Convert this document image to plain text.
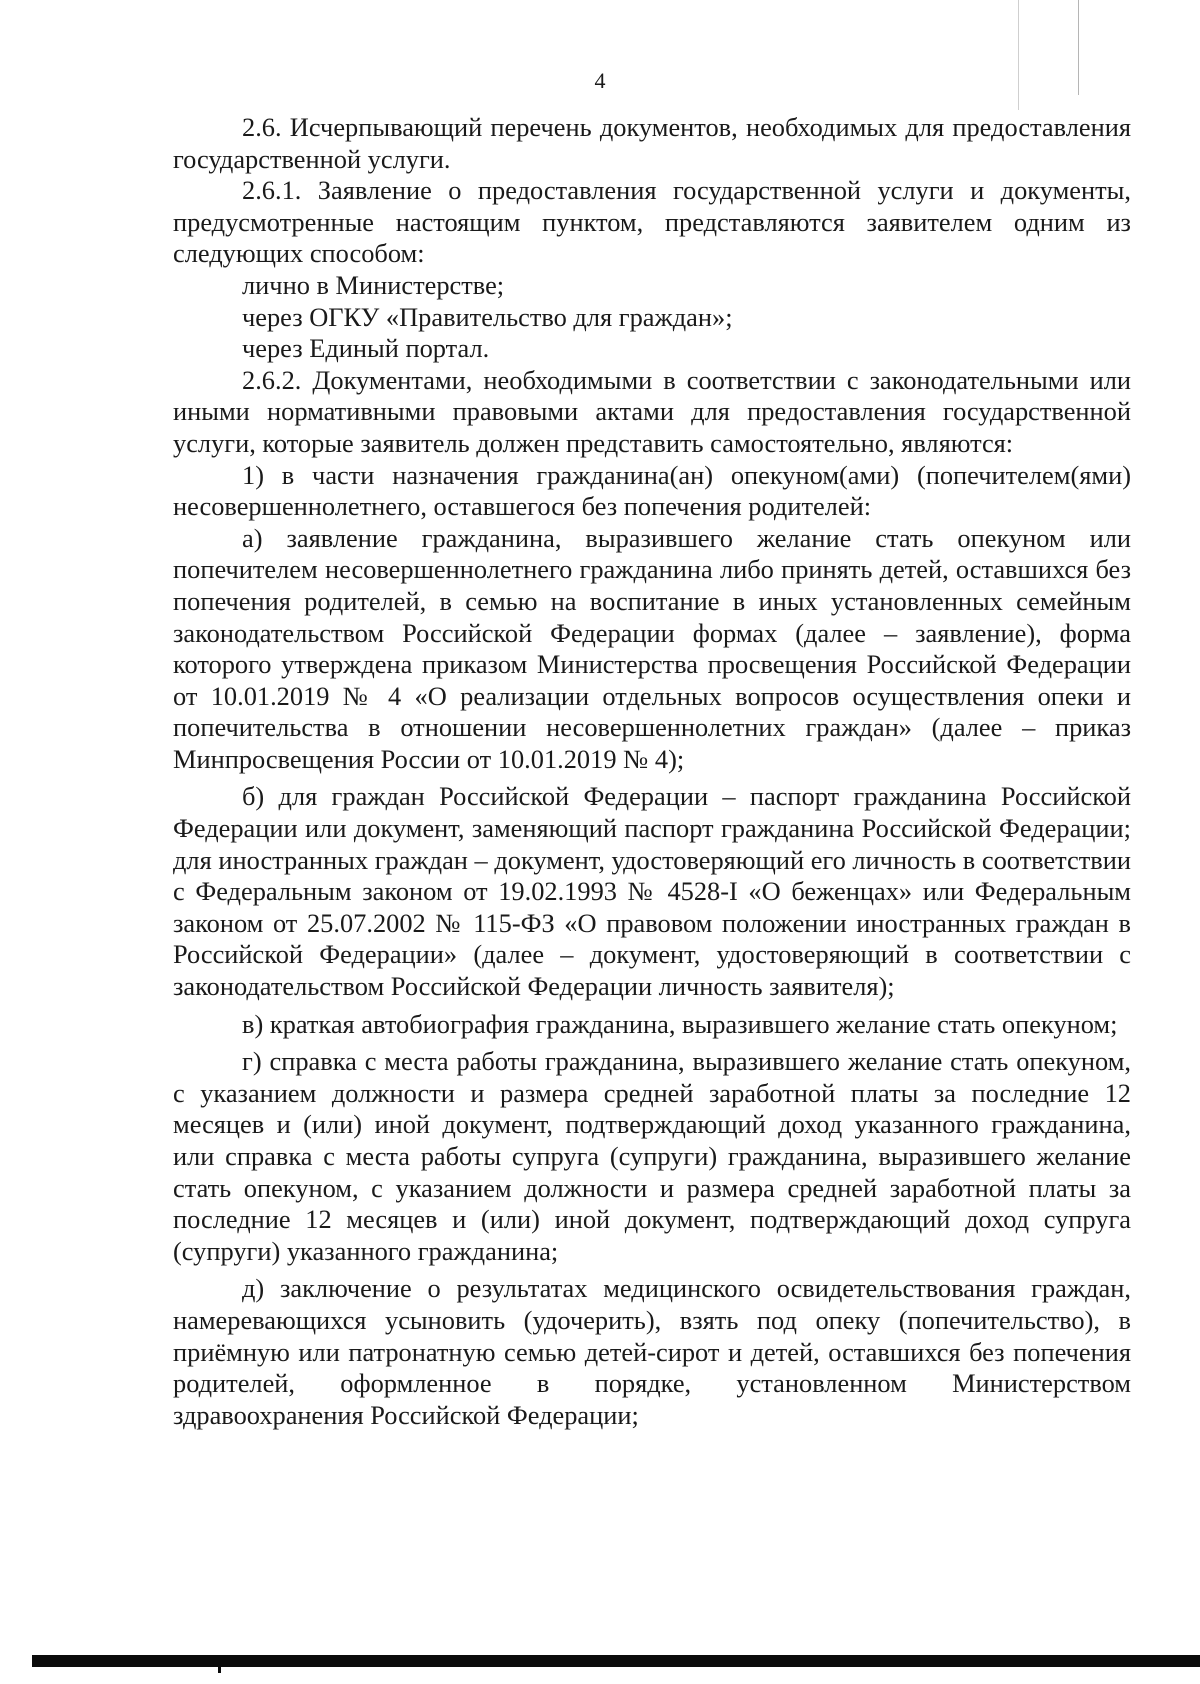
4

2.6. Исчерпывающий перечень документов, необходимых для предоставления государственной услуги.

2.6.1. Заявление о предоставления государственной услуги и документы, предусмотренные настоящим пунктом, представляются заявителем одним из следующих способом:

лично в Министерстве;

через ОГКУ «Правительство для граждан»;

через Единый портал.

2.6.2. Документами, необходимыми в соответствии с законодательными или иными нормативными правовыми актами для предоставления государственной услуги, которые заявитель должен представить самостоятельно, являются:

1) в части назначения гражданина(ан) опекуном(ами) (попечителем(ями) несовершеннолетнего, оставшегося без попечения родителей:

а) заявление гражданина, выразившего желание стать опекуном или попечителем несовершеннолетнего гражданина либо принять детей, оставшихся без попечения родителей, в семью на воспитание в иных установленных семейным законодательством Российской Федерации формах (далее – заявление), форма которого утверждена приказом Министерства просвещения Российской Федерации от 10.01.2019 № 4 «О реализации отдельных вопросов осуществления опеки и попечительства в отношении несовершеннолетних граждан» (далее – приказ Минпросвещения России от 10.01.2019 № 4);

б) для граждан Российской Федерации – паспорт гражданина Российской Федерации или документ, заменяющий паспорт гражданина Российской Федерации; для иностранных граждан – документ, удостоверяющий его личность в соответствии с Федеральным законом от 19.02.1993 № 4528-I «О беженцах» или Федеральным законом от 25.07.2002 № 115-ФЗ «О правовом положении иностранных граждан в Российской Федерации» (далее – документ, удостоверяющий в соответствии с законодательством Российской Федерации личность заявителя);

в) краткая автобиография гражданина, выразившего желание стать опекуном;

г) справка с места работы гражданина, выразившего желание стать опекуном, с указанием должности и размера средней заработной платы за последние 12 месяцев и (или) иной документ, подтверждающий доход указанного гражданина, или справка с места работы супруга (супруги) гражданина, выразившего желание стать опекуном, с указанием должности и размера средней заработной платы за последние 12 месяцев и (или) иной документ, подтверждающий доход супруга (супруги) указанного гражданина;

д) заключение о результатах медицинского освидетельствования граждан, намеревающихся усыновить (удочерить), взять под опеку (попечительство), в приёмную или патронатную семью детей-сирот и детей, оставшихся без попечения родителей, оформленное в порядке, установленном Министерством здравоохранения Российской Федерации;
